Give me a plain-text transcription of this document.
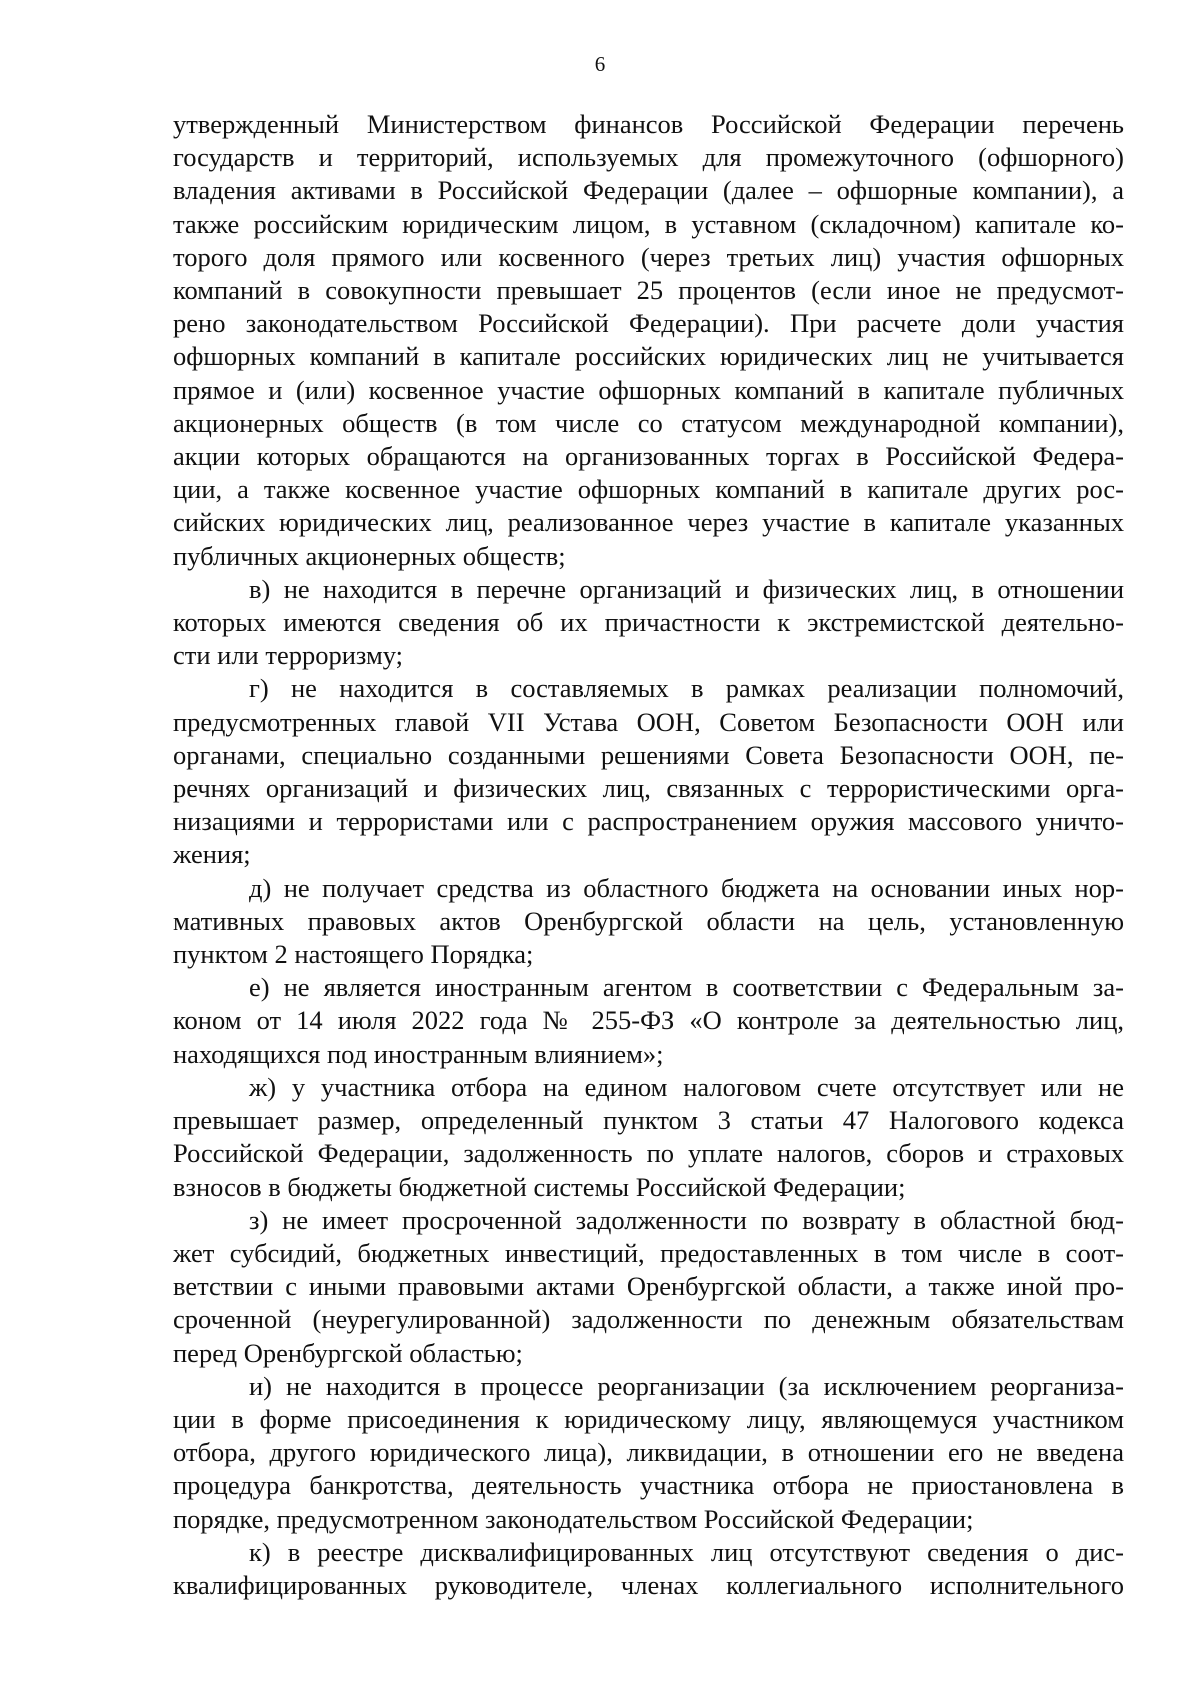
6

утвержденный Министерством финансов Российской Федерации перечень

государств и территорий, используемых для промежуточного (офшорного)

владения активами в Российской Федерации (далее – офшорные компании), а

также российским юридическим лицом, в уставном (складочном) капитале ко-

торого доля прямого или косвенного (через третьих лиц) участия офшорных

компаний в совокупности превышает 25 процентов (если иное не предусмот-

рено законодательством Российской Федерации). При расчете доли участия

офшорных компаний в капитале российских юридических лиц не учитывается

прямое и (или) косвенное участие офшорных компаний в капитале публичных

акционерных обществ (в том числе со статусом международной компании),

акции которых обращаются на организованных торгах в Российской Федера-

ции, а также косвенное участие офшорных компаний в капитале других рос-

сийских юридических лиц, реализованное через участие в капитале указанных

публичных акционерных обществ;

в) не находится в перечне организаций и физических лиц, в отношении

которых имеются сведения об их причастности к экстремистской деятельно-

сти или терроризму;

г) не находится в составляемых в рамках реализации полномочий,

предусмотренных главой VII Устава ООН, Советом Безопасности ООН или

органами, специально созданными решениями Совета Безопасности ООН, пе-

речнях организаций и физических лиц, связанных с террористическими орга-

низациями и террористами или с распространением оружия массового уничто-

жения;

д) не получает средства из областного бюджета на основании иных нор-

мативных правовых актов Оренбургской области на цель, установленную

пунктом 2 настоящего Порядка;

е) не является иностранным агентом в соответствии с Федеральным за-

коном от 14 июля 2022 года № 255-ФЗ «О контроле за деятельностью лиц,

находящихся под иностранным влиянием»;

ж) у участника отбора на едином налоговом счете отсутствует или не

превышает размер, определенный пунктом 3 статьи 47 Налогового кодекса

Российской Федерации, задолженность по уплате налогов, сборов и страховых

взносов в бюджеты бюджетной системы Российской Федерации;

з) не имеет просроченной задолженности по возврату в областной бюд-

жет субсидий, бюджетных инвестиций, предоставленных в том числе в соот-

ветствии с иными правовыми актами Оренбургской области, а также иной про-

сроченной (неурегулированной) задолженности по денежным обязательствам

перед Оренбургской областью;

и) не находится в процессе реорганизации (за исключением реорганиза-

ции в форме присоединения к юридическому лицу, являющемуся участником

отбора, другого юридического лица), ликвидации, в отношении его не введена

процедура банкротства, деятельность участника отбора не приостановлена в

порядке, предусмотренном законодательством Российской Федерации;

к) в реестре дисквалифицированных лиц отсутствуют сведения о дис-

квалифицированных руководителе, членах коллегиального исполнительного
